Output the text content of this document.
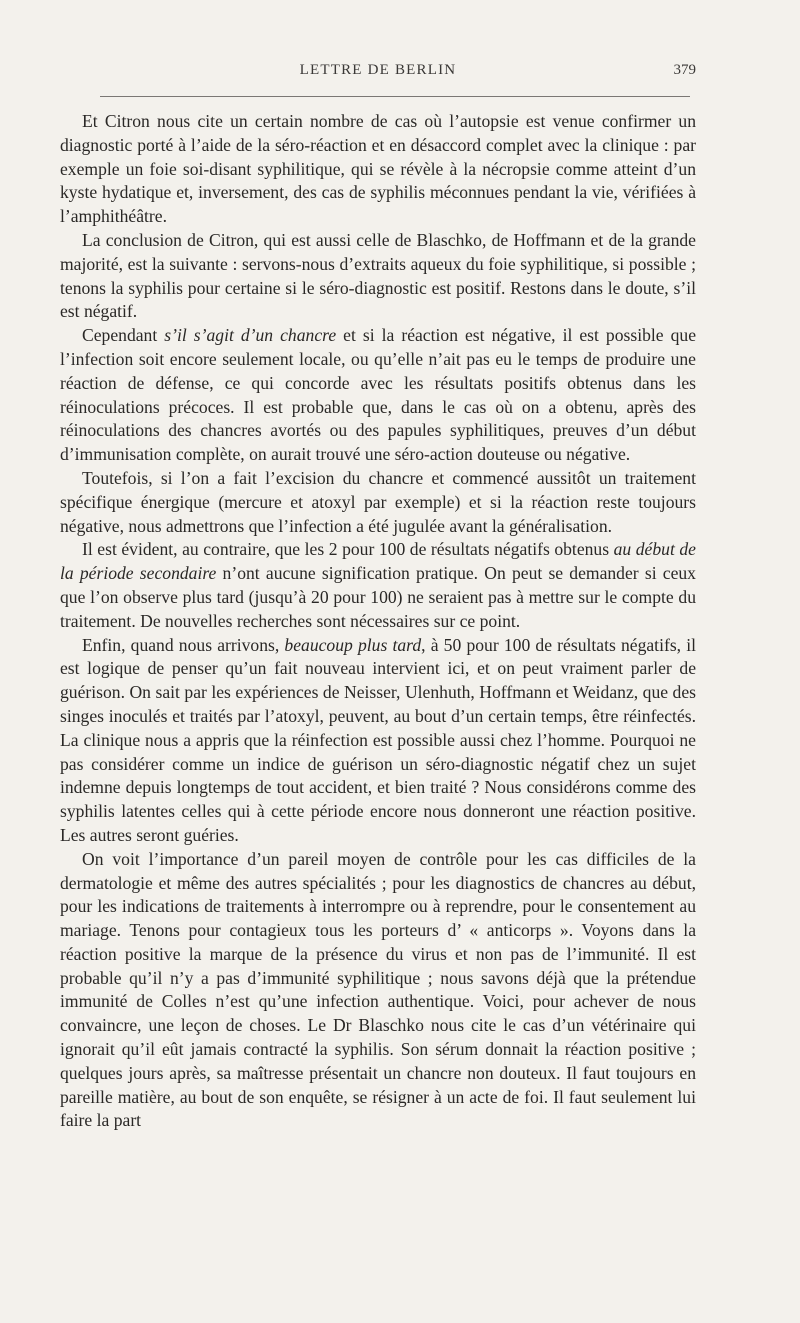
LETTRE DE BERLIN	379

Et Citron nous cite un certain nombre de cas où l’autopsie est venue confirmer un diagnostic porté à l’aide de la séro-réaction et en désaccord complet avec la clinique : par exemple un foie soi-disant syphilitique, qui se révèle à la nécropsie comme atteint d’un kyste hydatique et, inversement, des cas de syphilis méconnues pendant la vie, vérifiées à l’amphithéâtre.

La conclusion de Citron, qui est aussi celle de Blaschko, de Hoffmann et de la grande majorité, est la suivante : servons-nous d’extraits aqueux du foie syphilitique, si possible ; tenons la syphilis pour certaine si le séro-diagnostic est positif. Restons dans le doute, s’il est négatif.

Cependant s’il s’agit d’un chancre et si la réaction est négative, il est possible que l’infection soit encore seulement locale, ou qu’elle n’ait pas eu le temps de produire une réaction de défense, ce qui concorde avec les résultats positifs obtenus dans les réinoculations précoces. Il est probable que, dans le cas où on a obtenu, après des réinoculations des chancres avortés ou des papules syphilitiques, preuves d’un début d’immunisation complète, on aurait trouvé une séro-action douteuse ou négative.

Toutefois, si l’on a fait l’excision du chancre et commencé aussitôt un traitement spécifique énergique (mercure et atoxyl par exemple) et si la réaction reste toujours négative, nous admettrons que l’infection a été jugulée avant la généralisation.

Il est évident, au contraire, que les 2 pour 100 de résultats négatifs obtenus au début de la période secondaire n’ont aucune signification pratique. On peut se demander si ceux que l’on observe plus tard (jusqu’à 20 pour 100) ne seraient pas à mettre sur le compte du traitement. De nouvelles recherches sont nécessaires sur ce point.

Enfin, quand nous arrivons, beaucoup plus tard, à 50 pour 100 de résultats négatifs, il est logique de penser qu’un fait nouveau intervient ici, et on peut vraiment parler de guérison. On sait par les expériences de Neisser, Ulenhuth, Hoffmann et Weidanz, que des singes inoculés et traités par l’atoxyl, peuvent, au bout d’un certain temps, être réinfectés. La clinique nous a appris que la réinfection est possible aussi chez l’homme. Pourquoi ne pas considérer comme un indice de guérison un séro-diagnostic négatif chez un sujet indemne depuis longtemps de tout accident, et bien traité ? Nous considérons comme des syphilis latentes celles qui à cette période encore nous donneront une réaction positive. Les autres seront guéries.

On voit l’importance d’un pareil moyen de contrôle pour les cas difficiles de la dermatologie et même des autres spécialités ; pour les diagnostics de chancres au début, pour les indications de traitements à interrompre ou à reprendre, pour le consentement au mariage. Tenons pour contagieux tous les porteurs d’ « anticorps ». Voyons dans la réaction positive la marque de la présence du virus et non pas de l’immunité. Il est probable qu’il n’y a pas d’immunité syphilitique ; nous savons déjà que la prétendue immunité de Colles n’est qu’une infection authentique. Voici, pour achever de nous convaincre, une leçon de choses. Le Dr Blaschko nous cite le cas d’un vétérinaire qui ignorait qu’il eût jamais contracté la syphilis. Son sérum donnait la réaction positive ; quelques jours après, sa maîtresse présentait un chancre non douteux. Il faut toujours en pareille matière, au bout de son enquête, se résigner à un acte de foi. Il faut seulement lui faire la part
